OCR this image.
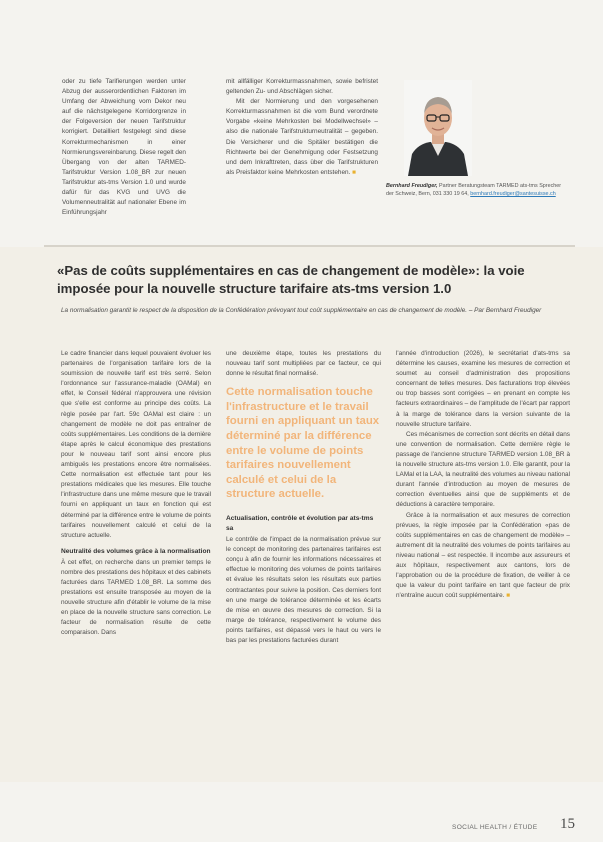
oder zu tiefe Tarifierungen werden unter Abzug der ausserordentlichen Faktoren im Umfang der Abweichung vom Dekor neu auf die nächstgelegene Korridorgrenze in der Folgeversion der neuen Tarifstruktur korrigiert. Detailliert festgelegt sind diese Korrekturmechanismen in einer Normierungsvereinbarung. Diese regelt den Übergang von der alten TARMED-Tarifstruktur Version 1.08_BR zur neuen Tarifstruktur ats-tms Version 1.0 und wurde dafür für das KVG und UVG die Volumenneutralität auf nationaler Ebene im Einführungsjahr

mit allfälliger Korrekturmassnahmen, sowie befristet geltenden Zu- und Abschlägen sicher.

Mit der Normierung und den vorgesehenen Korrekturmassnahmen ist die vom Bund verordnete Vorgabe «keine Mehrkosten bei Modellwechsel» – also die nationale Tarifstrukturneutralität – gegeben. Die Versicherer und die Spitäler bestätigen die Richtwerte bei der Genehmigung oder Festsetzung und dem Inkrafttreten, dass über die Tarifstrukturen als Preisfaktor keine Mehrkosten entstehen. ■

Bernhard Freudiger, Partner Beratungsteam TARMED ats-tms Sprecher der Schweiz, Bern, 031 330 19 64, bernhard.freudiger@santesuisse.ch
«Pas de coûts supplémentaires en cas de changement de modèle»: la voie imposée pour la nouvelle structure tarifaire ats-tms version 1.0

La normalisation garantit le respect de la disposition de la Confédération prévoyant tout coût supplémentaire en cas de changement de modèle. – Par Bernhard Freudiger

Le cadre financier dans lequel pouvaient évoluer les partenaires de l'organisation tarifaire lors de la soumission de nouvelle tarif est très serré. Selon l'ordonnance sur l'assurance-maladie (OAMal) en effet, le Conseil fédéral n'approuvera une révision que s'elle est conforme au principe des coûts. La règle posée par l'art. 59c OAMal est claire : un changement de modèle ne doit pas entraîner de coûts supplémentaires. Les conditions de la dernière étape après le calcul économique des prestations pour le nouveau tarif sont ainsi encore plus ambiguës les prestations encore être normalisées. Cette normalisation est effectuée tant pour les prestations médicales que les mesures. Elle touche l'infrastructure dans une même mesure que le travail fourni en appliquant un taux en fonction qui est déterminé par la différence entre le volume de points tarifaires nouvellement calculé et celui de la structure actuelle.

Neutralité des volumes grâce à la normalisation

À cet effet, on recherche dans un premier temps le nombre des prestations des hôpitaux et des cabinets facturées dans TARMED 1.08_BR. La somme des prestations est ensuite transposée au moyen de la nouvelle structure afin d'établir le volume de la mise en place de la nouvelle structure sans correction. Le facteur de normalisation résulte de cette comparaison. Dans

une deuxième étape, toutes les prestations du nouveau tarif sont multipliées par ce facteur, ce qui donne le résultat final normalisé.

Cette normalisation touche l'infrastructure et le travail fourni en appliquant un taux déterminé par la différence entre le volume de points tarifaires nouvellement calculé et celui de la structure actuelle.
Actualisation, contrôle et évolution par ats-tms sa

Le contrôle de l'impact de la normalisation prévue sur le concept de monitoring des partenaires tarifaires est conçu à afin de fournir les informations nécessaires et effectue le monitoring des volumes de points tarifaires et évalue les résultats selon les résultats eux parties contractantes pour suivre la position. Ces derniers font en une marge de tolérance déterminée et les écarts de mise en œuvre des mesures de correction. Si la marge de tolérance, respectivement le volume des points tarifaires, est dépassé vers le haut ou vers le bas par les prestations facturées durant

l'année d'introduction (2026), le secrétariat d'ats-tms sa détermine les causes, examine les mesures de correction et soumet au conseil d'administration des propositions concernant de telles mesures. Des facturations trop élevées ou trop basses sont corrigées – en prenant en compte les facteurs extraordinaires – de l'amplitude de l'écart par rapport à la marge de tolérance dans la version suivante de la nouvelle structure tarifaire.

Ces mécanismes de correction sont décrits en détail dans une convention de normalisation. Cette dernière règle le passage de l'ancienne structure TARMED version 1.08_BR à la nouvelle structure ats-tms version 1.0. Elle garantit, pour la LAMal et la LAA, la neutralité des volumes au niveau national durant l'année d'introduction au moyen de mesures de correction éventuelles ainsi que de suppléments et de déductions à caractère temporaire.

Grâce à la normalisation et aux mesures de correction prévues, la règle imposée par la Confédération «pas de coûts supplémentaires en cas de changement de modèle» – autrement dit la neutralité des volumes de points tarifaires au niveau national – est respectée. Il incombe aux assureurs et aux hôpitaux, respectivement aux cantons, lors de l'approbation ou de la procédure de fixation, de veiller à ce que la valeur du point tarifaire en tant que facteur de prix n'entraîne aucun coût supplémentaire. ■

SOCIAL HEALTH / ÉTUDE 15
